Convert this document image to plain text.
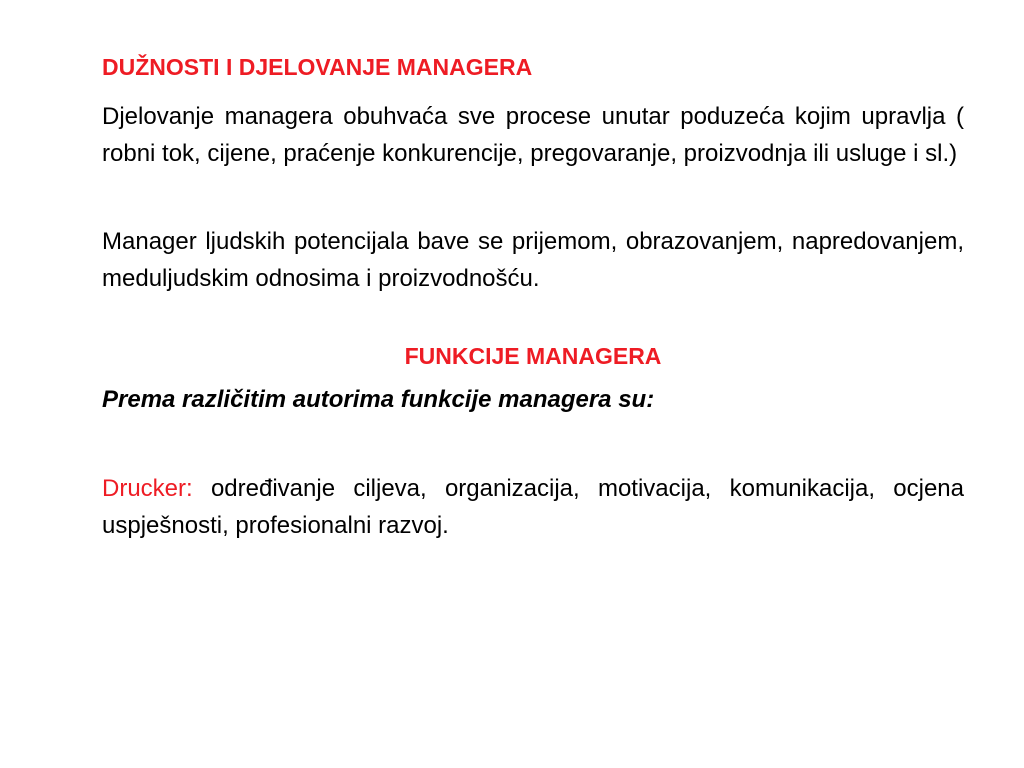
DUŽNOSTI I DJELOVANJE MANAGERA

Djelovanje managera obuhvaća sve procese unutar poduzeća kojim upravlja ( robni tok, cijene, praćenje konkurencije, pregovaranje, proizvodnja ili usluge i sl.)

Manager ljudskih potencijala bave se prijemom, obrazovanjem, napredovanjem, meduljudskim odnosima i proizvodnošću.

FUNKCIJE MANAGERA

Prema različitim autorima funkcije managera su:

Drucker: određivanje ciljeva, organizacija, motivacija, komunikacija, ocjena uspješnosti, profesionalni razvoj.
